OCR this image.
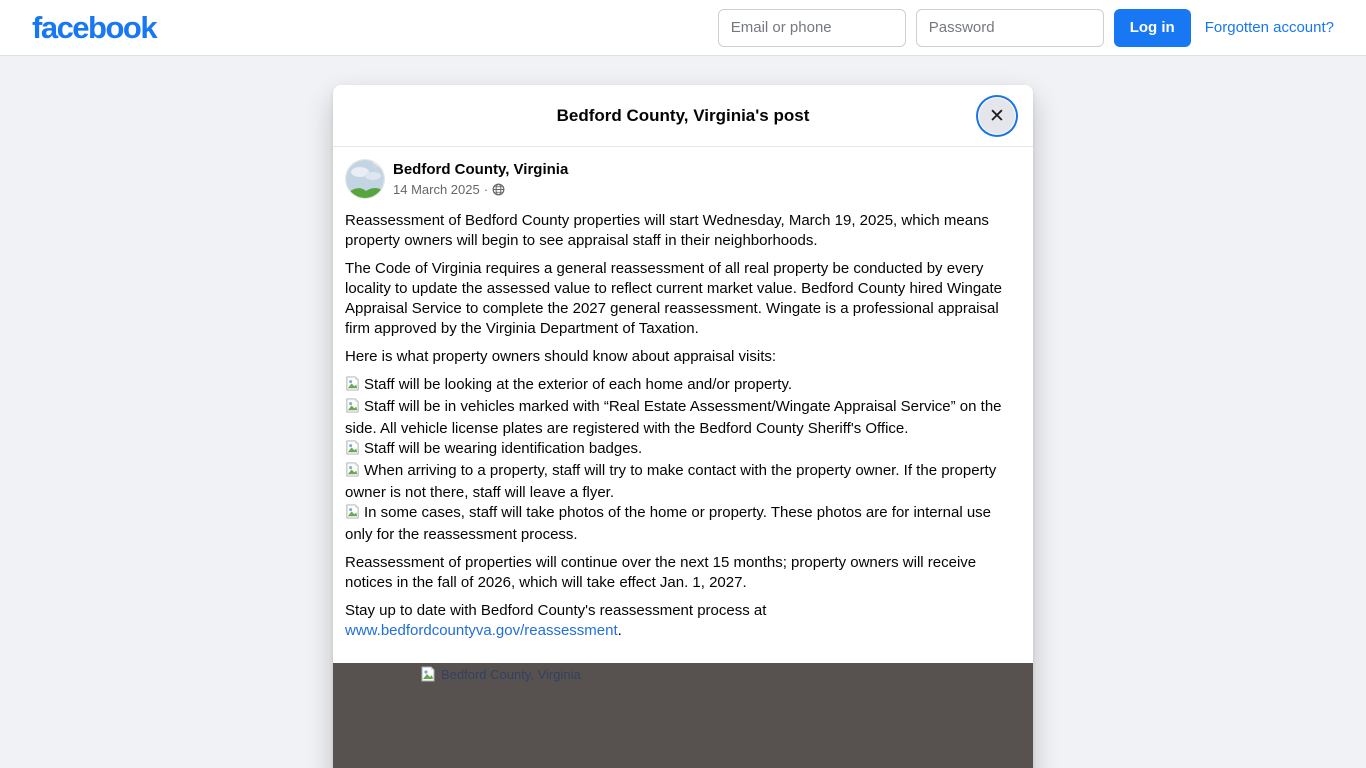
facebook
Email or phone	Log in	Forgotten account?
Bedford County, Virginia's post	✕
Bedford County, Virginia
14 March 2025 ·

Reassessment of Bedford County properties will start Wednesday, March 19, 2025, which means property owners will begin to see appraisal staff in their neighborhoods.

The Code of Virginia requires a general reassessment of all real property be conducted by every locality to update the assessed value to reflect current market value. Bedford County hired Wingate Appraisal Service to complete the 2027 general reassessment. Wingate is a professional appraisal firm approved by the Virginia Department of Taxation.

Here is what property owners should know about appraisal visits:

Staff will be looking at the exterior of each home and/or property.
Staff will be in vehicles marked with “Real Estate Assessment/Wingate Appraisal Service” on the side. All vehicle license plates are registered with the Bedford County Sheriff's Office.
Staff will be wearing identification badges.
When arriving to a property, staff will try to make contact with the property owner. If the property owner is not there, staff will leave a flyer.
In some cases, staff will take photos of the home or property. These photos are for internal use only for the reassessment process.

Reassessment of properties will continue over the next 15 months; property owners will receive notices in the fall of 2026, which will take effect Jan. 1, 2027.

Stay up to date with Bedford County's reassessment process at www.bedfordcountyva.gov/reassessment.

Bedford County, Virginia
